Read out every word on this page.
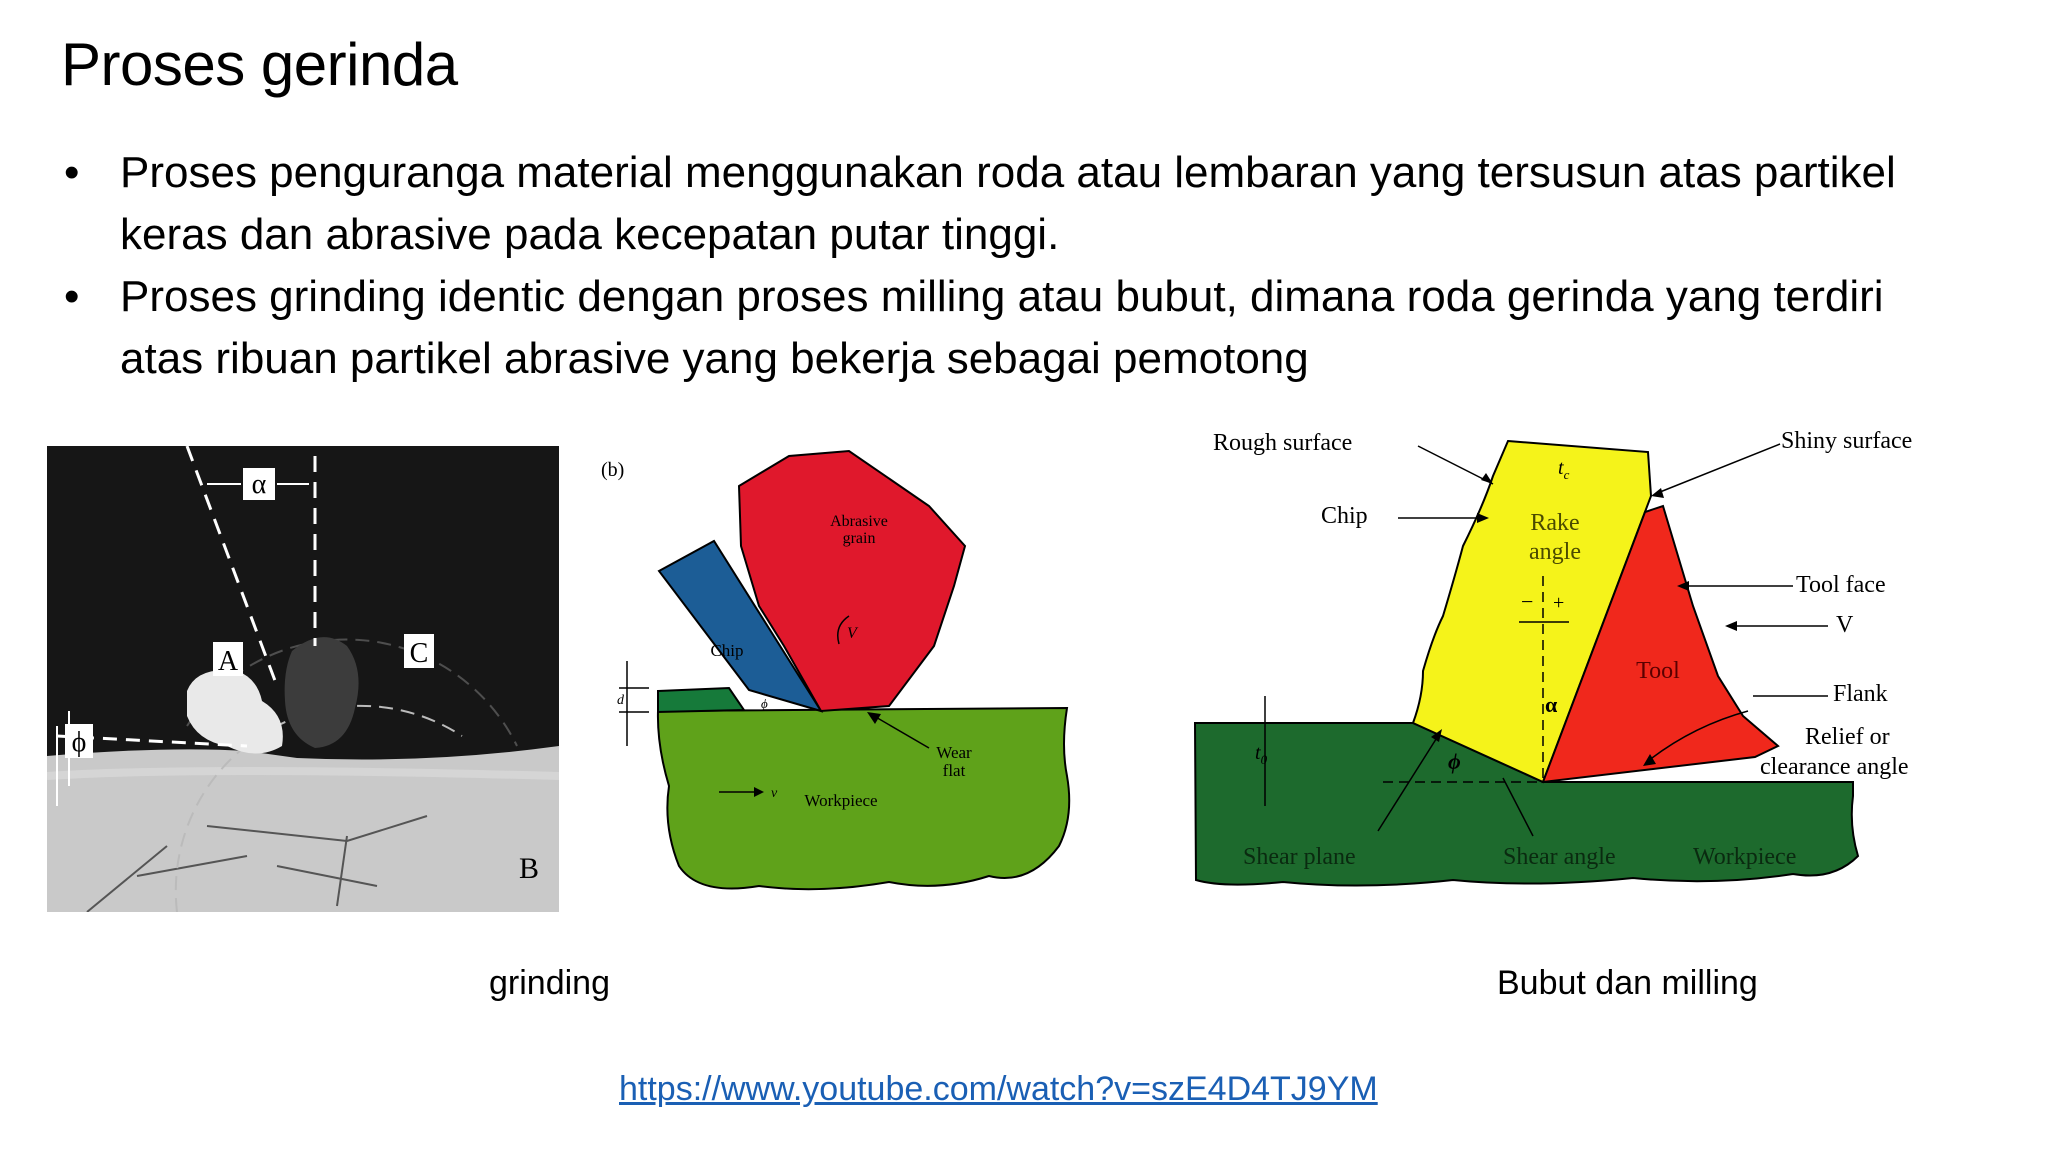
Proses gerinda
• Proses penguranga material menggunakan roda atau lembaran yang tersusun atas partikel keras dan abrasive pada kecepatan putar tinggi.
• Proses grinding identic dengan proses milling atau bubut, dimana roda gerinda yang terdiri atas ribuan partikel abrasive yang bekerja sebagai pemotong
α
A	C
ϕ
B
(b)
Abrasive
grain
V
Chip
ϕ
d
Wear
flat
v Workpiece
− +
α
ϕ
$t_c$
Rake
angle
Tool
$t_0$
Rough surface	Shiny surface
Chip
Tool face
V
Flank
Relief or
clearance angle
Shear plane	Shear angle	Workpiece
grinding	Bubut dan milling
https://www.youtube.com/watch?v=szE4D4TJ9YM
